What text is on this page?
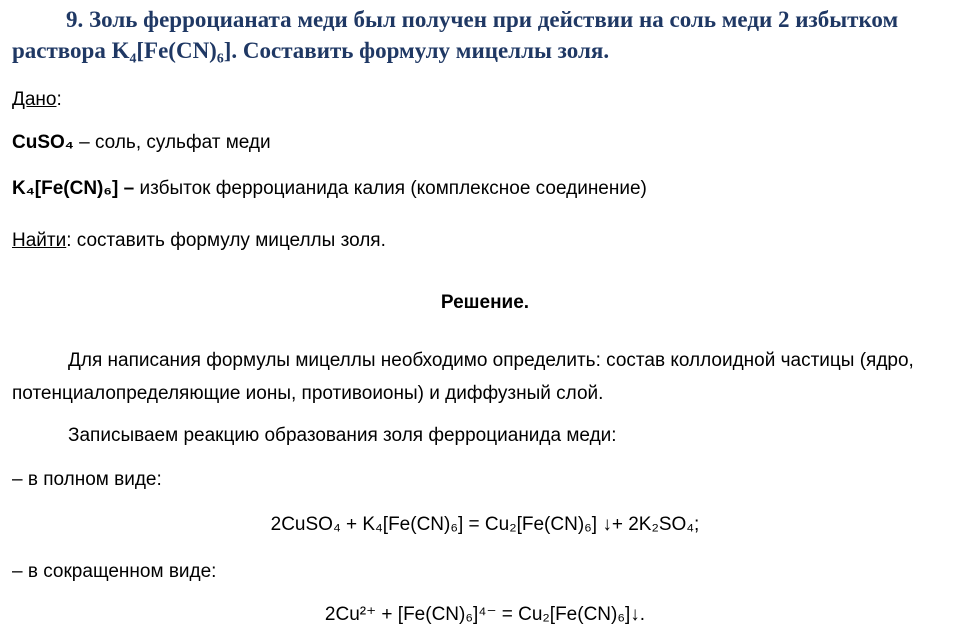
9. Золь ферроцианата меди был получен при действии на соль меди 2 избытком раствора K₄[Fe(CN)₆]. Составить формулу мицеллы золя.
Дано:
CuSO₄ – соль, сульфат меди
K₄[Fe(CN)₆] – избыток ферроцианида калия (комплексное соединение)
Найти: составить формулу мицеллы золя.
Решение.
Для написания формулы мицеллы необходимо определить: состав коллоидной частицы (ядро, потенциалопределяющие ионы, противоионы) и диффузный слой.
Записываем реакцию образования золя ферроцианида меди:
– в полном виде:
2CuSO₄ + K₄[Fe(CN)₆] = Cu₂[Fe(CN)₆] ↓+ 2K₂SO₄;
– в сокращенном виде:
2Cu²⁺ + [Fe(CN)₆]⁴⁻ = Cu₂[Fe(CN)₆]↓.
